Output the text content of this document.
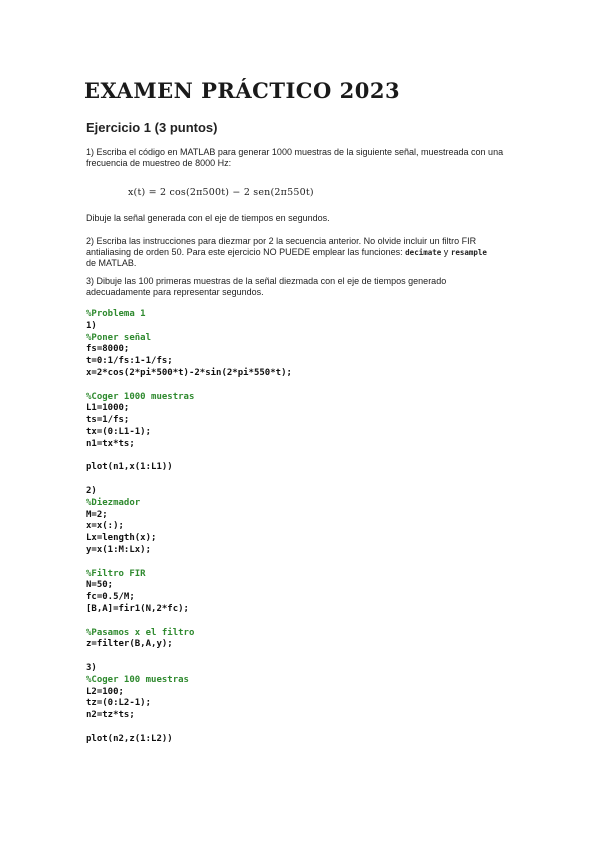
EXAMEN PRÁCTICO 2023
Ejercicio 1 (3 puntos)
1) Escriba el código en MATLAB para generar 1000 muestras de la siguiente señal, muestreada con una
frecuencia de muestreo de 8000 Hz:
x(t) = 2 cos(2π500t) − 2 sen(2π550t)
Dibuje la señal generada con el eje de tiempos en segundos.
2) Escriba las instrucciones para diezmar por 2 la secuencia anterior. No olvide incluir un filtro FIR
antialiasing de orden 50. Para este ejercicio NO PUEDE emplear las funciones: decimate y resample
de MATLAB.
3) Dibuje las 100 primeras muestras de la señal diezmada con el eje de tiempos generado
adecuadamente para representar segundos.
%Problema 1
1)
%Poner señal
fs=8000;
t=0:1/fs:1-1/fs;
x=2*cos(2*pi*500*t)-2*sin(2*pi*550*t);
%Coger 1000 muestras
L1=1000;
ts=1/fs;
tx=(0:L1-1);
n1=tx*ts;
plot(n1,x(1:L1))
2)
%Diezmador
M=2;
x=x(:);
Lx=length(x);
y=x(1:M:Lx);
%Filtro FIR
N=50;
fc=0.5/M;
[B,A]=fir1(N,2*fc);
%Pasamos x el filtro
z=filter(B,A,y);
3)
%Coger 100 muestras
L2=100;
tz=(0:L2-1);
n2=tz*ts;
plot(n2,z(1:L2))
